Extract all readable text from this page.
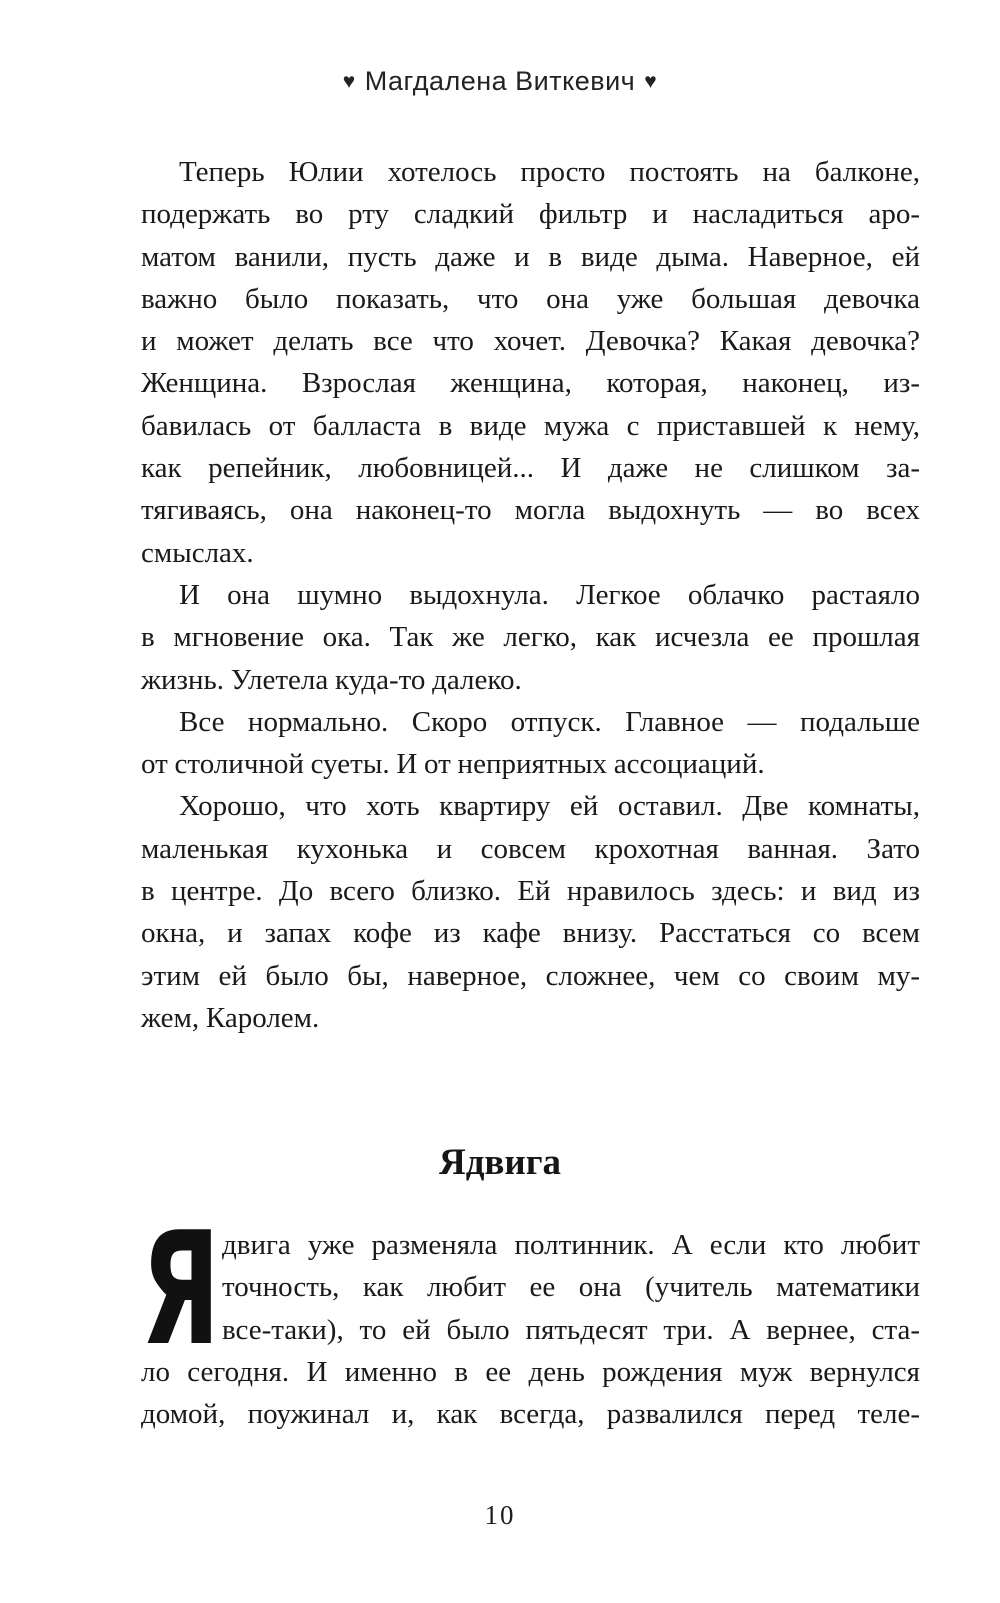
♥ Магдалена Виткевич ♥
Теперь Юлии хотелось просто постоять на балконе,
подержать во рту сладкий фильтр и насладиться аро-
матом ванили, пусть даже и в виде дыма. Наверное, ей
важно было показать, что она уже большая девочка
и может делать все что хочет. Девочка? Какая девочка?
Женщина. Взрослая женщина, которая, наконец, из-
бавилась от балласта в виде мужа с приставшей к нему,
как репейник, любовницей... И даже не слишком за-
тягиваясь, она наконец-то могла выдохнуть — во всех
смыслах.
И она шумно выдохнула. Легкое облачко растаяло
в мгновение ока. Так же легко, как исчезла ее прошлая
жизнь. Улетела куда-то далеко.
Все нормально. Скоро отпуск. Главное — подальше
от столичной суеты. И от неприятных ассоциаций.
Хорошо, что хоть квартиру ей оставил. Две комнаты,
маленькая кухонька и совсем крохотная ванная. Зато
в центре. До всего близко. Ей нравилось здесь: и вид из
окна, и запах кофе из кафе внизу. Расстаться со всем
этим ей было бы, наверное, сложнее, чем со своим му-
жем, Каролем.
Ядвига
Я двига уже разменяла полтинник. А если кто любит
точность, как любит ее она (учитель математики
все-таки), то ей было пятьдесят три. А вернее, ста-
ло сегодня. И именно в ее день рождения муж вернулся
домой, поужинал и, как всегда, развалился перед теле-
10
